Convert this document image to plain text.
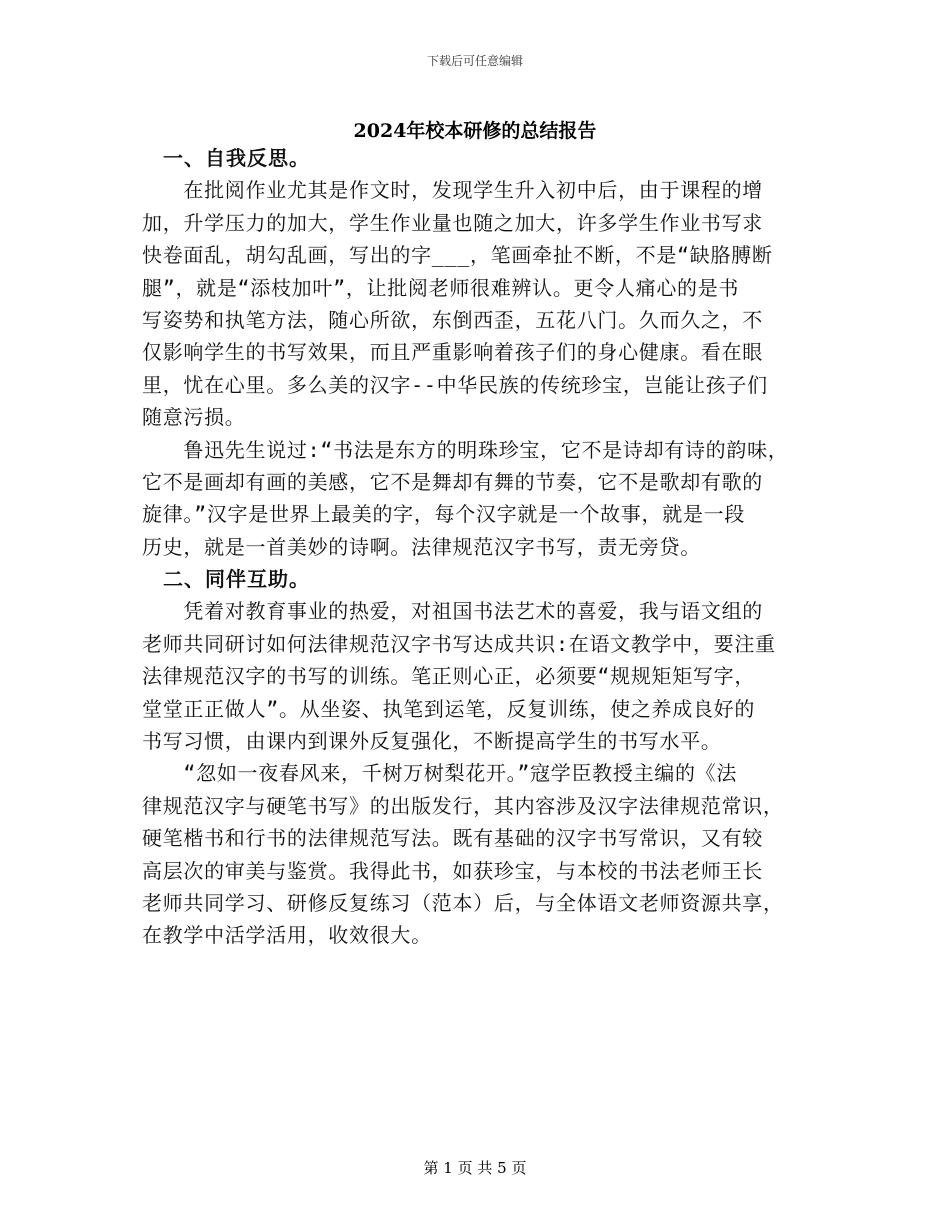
下载后可任意编辑
2024年校本研修的总结报告
　一、自我反思。
　　在批阅作业尤其是作文时，发现学生升入初中后，由于课程的增
加，升学压力的加大，学生作业量也随之加大，许多学生作业书写求
快卷面乱，胡勾乱画，写出的字___，笔画牵扯不断，不是“缺胳膊断
腿”，就是“添枝加叶”，让批阅老师很难辨认。更令人痛心的是书
写姿势和执笔方法，随心所欲，东倒西歪，五花八门。久而久之，不
仅影响学生的书写效果，而且严重影响着孩子们的身心健康。看在眼
里，忧在心里。多么美的汉字--中华民族的传统珍宝，岂能让孩子们
随意污损。
　　鲁迅先生说过:“书法是东方的明珠珍宝，它不是诗却有诗的韵味，
它不是画却有画的美感，它不是舞却有舞的节奏，它不是歌却有歌的
旋律。”汉字是世界上最美的字，每个汉字就是一个故事，就是一段
历史，就是一首美妙的诗啊。法律规范汉字书写，责无旁贷。
　二、同伴互助。
　　凭着对教育事业的热爱，对祖国书法艺术的喜爱，我与语文组的
老师共同研讨如何法律规范汉字书写达成共识:在语文教学中，要注重
法律规范汉字的书写的训练。笔正则心正，必须要“规规矩矩写字，
堂堂正正做人”。从坐姿、执笔到运笔，反复训练，使之养成良好的
书写习惯，由课内到课外反复强化，不断提高学生的书写水平。
　　“忽如一夜春风来，千树万树梨花开。”寇学臣教授主编的《法
律规范汉字与硬笔书写》的出版发行，其内容涉及汉字法律规范常识，
硬笔楷书和行书的法律规范写法。既有基础的汉字书写常识，又有较
高层次的审美与鉴赏。我得此书，如获珍宝，与本校的书法老师王长
老师共同学习、研修反复练习（范本）后，与全体语文老师资源共享，
在教学中活学活用，收效很大。
第 1 页 共 5 页
